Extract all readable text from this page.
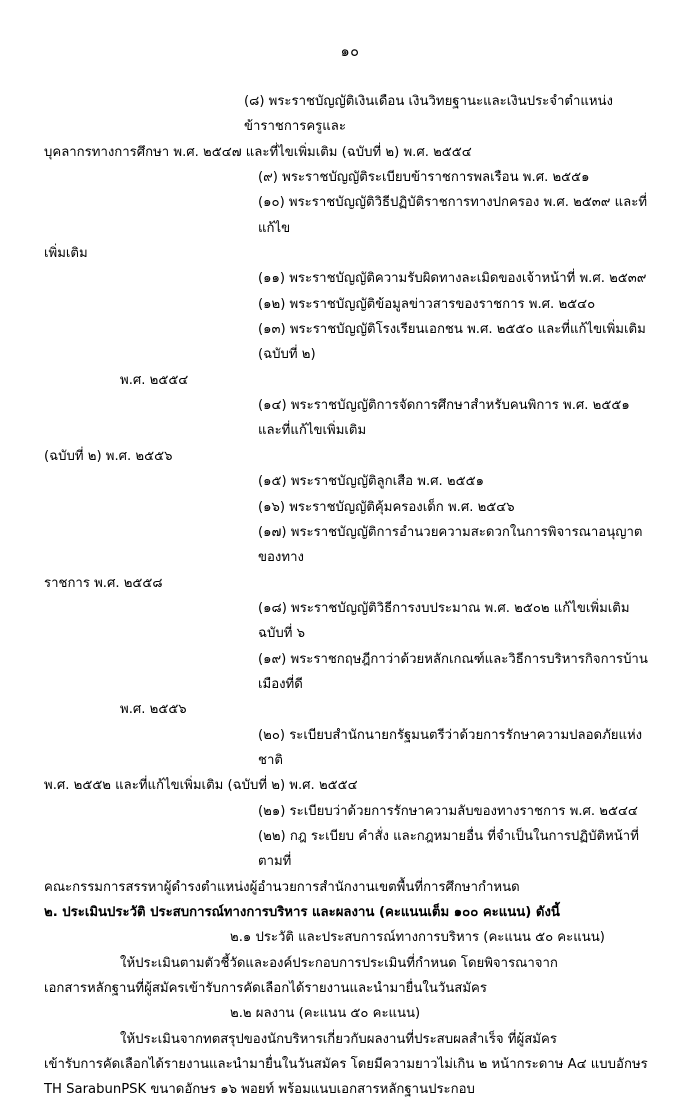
๑๐

(๘) พระราชบัญญัติเงินเดือน เงินวิทยฐานะและเงินประจำตำแหน่งข้าราชการครูและ

บุคลากรทางการศึกษา พ.ศ. ๒๕๔๗ และที่ไขเพิ่มเติม (ฉบับที่ ๒) พ.ศ. ๒๕๕๔

(๙) พระราชบัญญัติระเบียบข้าราชการพลเรือน พ.ศ. ๒๕๕๑

(๑๐) พระราชบัญญัติวิธีปฏิบัติราชการทางปกครอง พ.ศ. ๒๕๓๙ และที่แก้ไข

เพิ่มเติม

(๑๑) พระราชบัญญัติความรับผิดทางละเมิดของเจ้าหน้าที่ พ.ศ. ๒๕๓๙

(๑๒) พระราชบัญญัติข้อมูลข่าวสารของราชการ พ.ศ. ๒๕๔๐

(๑๓) พระราชบัญญัติโรงเรียนเอกชน พ.ศ. ๒๕๕๐ และที่แก้ไขเพิ่มเติม (ฉบับที่ ๒)

พ.ศ. ๒๕๕๔

(๑๔) พระราชบัญญัติการจัดการศึกษาสำหรับคนพิการ พ.ศ. ๒๕๕๑ และที่แก้ไขเพิ่มเติม

(ฉบับที่ ๒) พ.ศ. ๒๕๕๖

(๑๕) พระราชบัญญัติลูกเสือ พ.ศ. ๒๕๕๑

(๑๖) พระราชบัญญัติคุ้มครองเด็ก พ.ศ. ๒๕๔๖

(๑๗) พระราชบัญญัติการอำนวยความสะดวกในการพิจารณาอนุญาตของทาง

ราชการ พ.ศ. ๒๕๕๘

(๑๘) พระราชบัญญัติวิธีการงบประมาณ พ.ศ. ๒๕๐๒ แก้ไขเพิ่มเติม ฉบับที่ ๖

(๑๙) พระราชกฤษฎีกาว่าด้วยหลักเกณฑ์และวิธีการบริหารกิจการบ้านเมืองที่ดี

พ.ศ. ๒๕๕๖

(๒๐) ระเบียบสำนักนายกรัฐมนตรีว่าด้วยการรักษาความปลอดภัยแห่งชาติ

พ.ศ. ๒๕๕๒ และที่แก้ไขเพิ่มเติม (ฉบับที่ ๒) พ.ศ. ๒๕๕๔

(๒๑) ระเบียบว่าด้วยการรักษาความลับของทางราชการ พ.ศ. ๒๕๔๔

(๒๒) กฎ ระเบียบ คำสั่ง และกฎหมายอื่น ที่จำเป็นในการปฏิบัติหน้าที่ ตามที่

คณะกรรมการสรรหาผู้ดำรงตำแหน่งผู้อำนวยการสำนักงานเขตพื้นที่การศึกษากำหนด

๒. ประเมินประวัติ ประสบการณ์ทางการบริหาร และผลงาน (คะแนนเต็ม ๑๐๐ คะแนน) ดังนี้

๒.๑ ประวัติ และประสบการณ์ทางการบริหาร (คะแนน ๕๐ คะแนน)

ให้ประเมินตามตัวชี้วัดและองค์ประกอบการประเมินที่กำหนด โดยพิจารณาจาก

เอกสารหลักฐานที่ผู้สมัครเข้ารับการคัดเลือกได้รายงานและนำมายื่นในวันสมัคร

๒.๒ ผลงาน (คะแนน ๕๐ คะแนน)

ให้ประเมินจากทตสรุปของนักบริหารเกี่ยวกับผลงานที่ประสบผลสำเร็จ ที่ผู้สมัคร

เข้ารับการคัดเลือกได้รายงานและนำมายื่นในวันสมัคร โดยมีความยาวไม่เกิน ๒ หน้ากระดาษ A๔ แบบอักษร

TH SarabunPSK ขนาดอักษร ๑๖ พอยท์ พร้อมแนบเอกสารหลักฐานประกอบ
